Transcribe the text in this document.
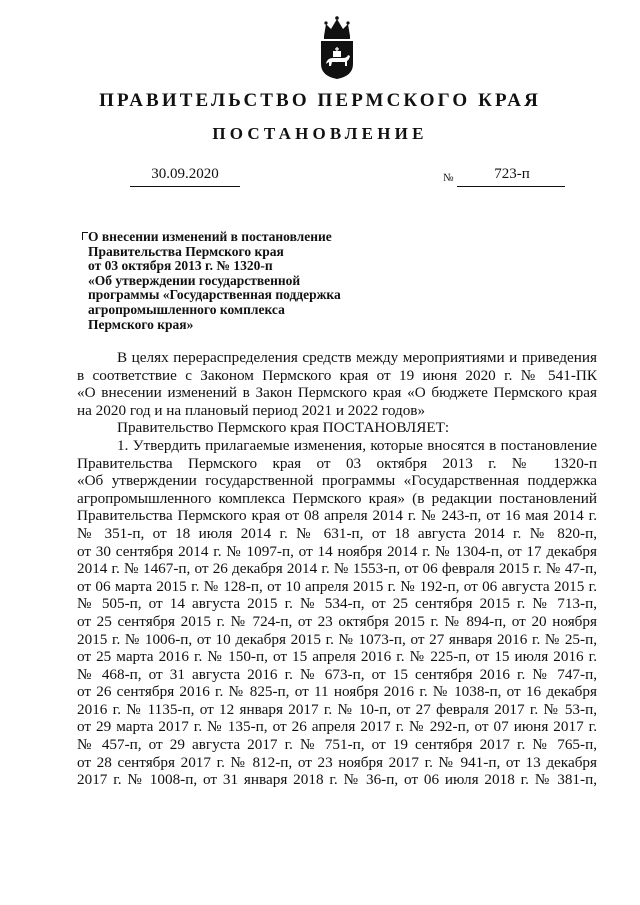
ПРАВИТЕЛЬСТВО ПЕРМСКОГО КРАЯ
ПОСТАНОВЛЕНИЕ
30.09.2020	№	723-п
О внесении изменений в постановление
Правительства Пермского края
от 03 октября 2013 г. № 1320-п
«Об утверждении государственной
программы «Государственная поддержка
агропромышленного комплекса
Пермского края»
В целях перераспределения средств между мероприятиями и приведения
в соответствие с Законом Пермского края от 19 июня 2020 г. № 541-ПК
«О внесении изменений в Закон Пермского края «О бюджете Пермского края
на 2020 год и на плановый период 2021 и 2022 годов»
Правительство Пермского края ПОСТАНОВЛЯЕТ:
1. Утвердить прилагаемые изменения, которые вносятся в постановление
Правительства Пермского края от 03 октября 2013 г. № 1320-п
«Об утверждении государственной программы «Государственная поддержка
агропромышленного комплекса Пермского края» (в редакции постановлений
Правительства Пермского края от 08 апреля 2014 г. № 243-п, от 16 мая 2014 г.
№ 351-п, от 18 июля 2014 г. № 631-п, от 18 августа 2014 г. № 820-п,
от 30 сентября 2014 г. № 1097-п, от 14 ноября 2014 г. № 1304-п, от 17 декабря
2014 г. № 1467-п, от 26 декабря 2014 г. № 1553-п, от 06 февраля 2015 г. № 47-п,
от 06 марта 2015 г. № 128-п, от 10 апреля 2015 г. № 192-п, от 06 августа 2015 г.
№ 505-п, от 14 августа 2015 г. № 534-п, от 25 сентября 2015 г. № 713-п,
от 25 сентября 2015 г. № 724-п, от 23 октября 2015 г. № 894-п, от 20 ноября
2015 г. № 1006-п, от 10 декабря 2015 г. № 1073-п, от 27 января 2016 г. № 25-п,
от 25 марта 2016 г. № 150-п, от 15 апреля 2016 г. № 225-п, от 15 июля 2016 г.
№ 468-п, от 31 августа 2016 г. № 673-п, от 15 сентября 2016 г. № 747-п,
от 26 сентября 2016 г. № 825-п, от 11 ноября 2016 г. № 1038-п, от 16 декабря
2016 г. № 1135-п, от 12 января 2017 г. № 10-п, от 27 февраля 2017 г. № 53-п,
от 29 марта 2017 г. № 135-п, от 26 апреля 2017 г. № 292-п, от 07 июня 2017 г.
№ 457-п, от 29 августа 2017 г. № 751-п, от 19 сентября 2017 г. № 765-п,
от 28 сентября 2017 г. № 812-п, от 23 ноября 2017 г. № 941-п, от 13 декабря
2017 г. № 1008-п, от 31 января 2018 г. № 36-п, от 06 июля 2018 г. № 381-п,
